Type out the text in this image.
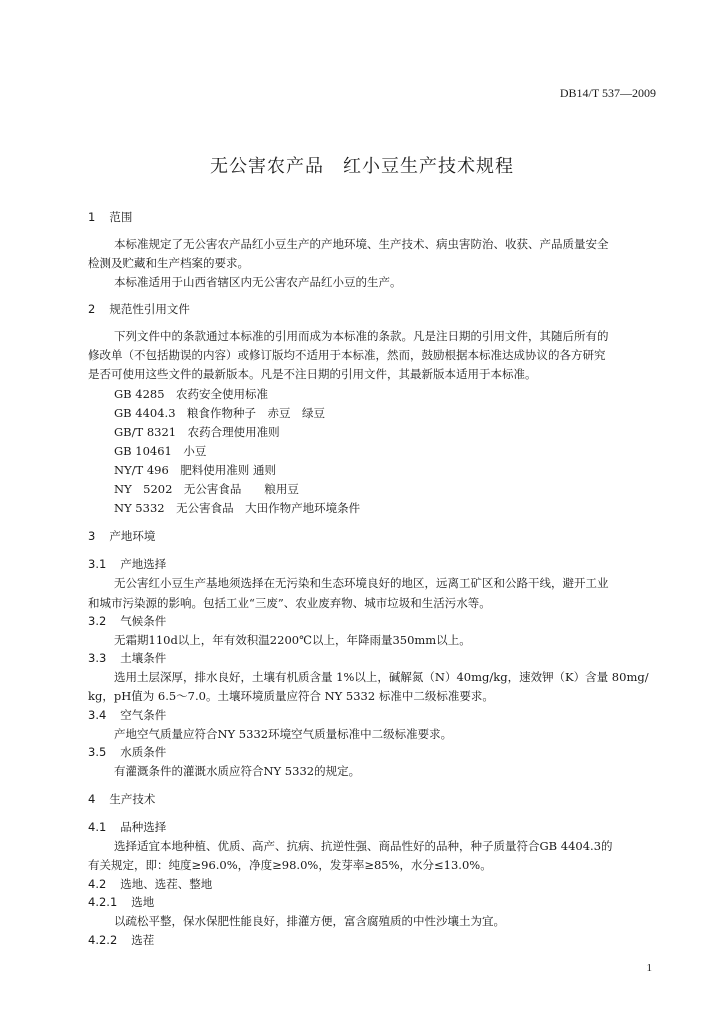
DB14/T 537—2009
无公害农产品　红小豆生产技术规程
1 范围
本标准规定了无公害农产品红小豆生产的产地环境、生产技术、病虫害防治、收获、产品质量安全
检测及贮藏和生产档案的要求。
本标准适用于山西省辖区内无公害农产品红小豆的生产。
2 规范性引用文件
下列文件中的条款通过本标准的引用而成为本标准的条款。凡是注日期的引用文件，其随后所有的
修改单（不包括勘误的内容）或修订版均不适用于本标准，然而，鼓励根据本标准达成协议的各方研究
是否可使用这些文件的最新版本。凡是不注日期的引用文件，其最新版本适用于本标准。
GB 4285　农药安全使用标准
GB 4404.3　粮食作物种子　赤豆　绿豆
GB/T 8321　农药合理使用准则
GB 10461　小豆
NY/T 496　肥料使用准则 通则
NY　5202　无公害食品　　粮用豆
NY 5332　无公害食品　大田作物产地环境条件
3 产地环境
3.1 产地选择
无公害红小豆生产基地须选择在无污染和生态环境良好的地区，远离工矿区和公路干线，避开工业
和城市污染源的影响。包括工业“三废”、农业废弃物、城市垃圾和生活污水等。
3.2 气候条件
无霜期110d以上，年有效积温2200℃以上，年降雨量350mm以上。
3.3 土壤条件
选用土层深厚，排水良好，土壤有机质含量 1%以上，碱解氮（N）40mg/kg，速效钾（K）含量 80mg/
kg，pH值为 6.5～7.0。土壤环境质量应符合 NY 5332 标准中二级标准要求。
3.4 空气条件
产地空气质量应符合NY 5332环境空气质量标准中二级标准要求。
3.5 水质条件
有灌溉条件的灌溉水质应符合NY 5332的规定。
4 生产技术
4.1 品种选择
选择适宜本地种植、优质、高产、抗病、抗逆性强、商品性好的品种，种子质量符合GB 4404.3的
有关规定，即：纯度≥96.0%，净度≥98.0%，发芽率≥85%，水分≤13.0%。
4.2 选地、选茬、整地
4.2.1 选地
以疏松平整，保水保肥性能良好，排灌方便，富含腐殖质的中性沙壤土为宜。
4.2.2 选茬
1
